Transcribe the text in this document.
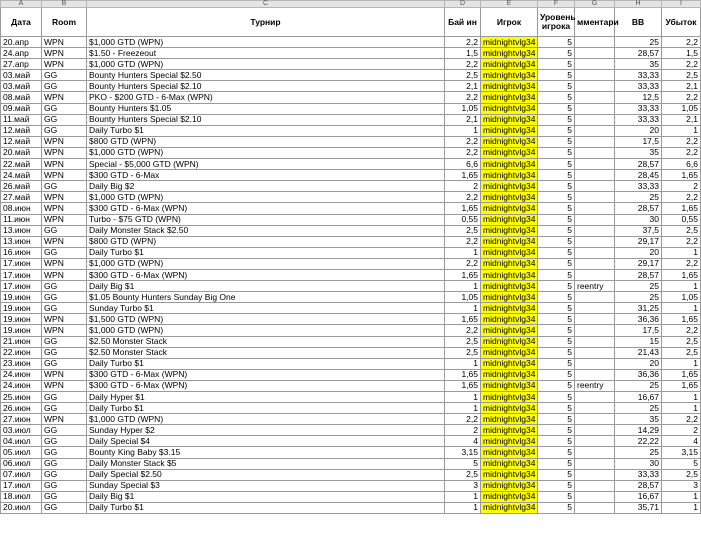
A	B	C	D	E	F	G	H	I
Дата	Room	Турнир	Бай ин	Игрок	Уровень игрока	мментари	BB	Убыток
20.апр	WPN	$1,000 GTD (WPN)	2,2	midnightvlg34	5		25	2,2
24.апр	WPN	$1.50 - Freezeout	1,5	midnightvlg34	5		28,57	1,5
27.апр	WPN	$1,000 GTD (WPN)	2,2	midnightvlg34	5		35	2,2
03.май	GG	Bounty Hunters Special $2.50	2,5	midnightvlg34	5		33,33	2,5
03.май	GG	Bounty Hunters Special $2.10	2,1	midnightvlg34	5		33,33	2,1
08.май	WPN	PKO - $200 GTD - 6-Max (WPN)	2,2	midnightvlg34	5		12,5	2,2
09.май	GG	Bounty Hunters $1.05	1,05	midnightvlg34	5		33,33	1,05
11.май	GG	Bounty Hunters Special $2.10	2,1	midnightvlg34	5		33,33	2,1
12.май	GG	Daily Turbo $1	1	midnightvlg34	5		20	1
12.май	WPN	$800 GTD (WPN)	2,2	midnightvlg34	5		17,5	2,2
20.май	WPN	$1,000 GTD (WPN)	2,2	midnightvlg34	5		35	2,2
22.май	WPN	Special - $5,000 GTD (WPN)	6,6	midnightvlg34	5		28,57	6,6
24.май	WPN	$300 GTD - 6-Max	1,65	midnightvlg34	5		28,45	1,65
26.май	GG	Daily Big $2	2	midnightvlg34	5		33,33	2
27.май	WPN	$1,000 GTD (WPN)	2,2	midnightvlg34	5		25	2,2
08.июн	WPN	$300 GTD - 6-Max (WPN)	1,65	midnightvlg34	5		28,57	1,65
11.июн	WPN	Turbo - $75 GTD (WPN)	0,55	midnightvlg34	5		30	0,55
13.июн	GG	Daily Monster Stack $2.50	2,5	midnightvlg34	5		37,5	2,5
13.июн	WPN	$800 GTD (WPN)	2,2	midnightvlg34	5		29,17	2,2
16.июн	GG	Daily Turbo $1	1	midnightvlg34	5		20	1
17.июн	WPN	$1,000 GTD (WPN)	2,2	midnightvlg34	5		29,17	2,2
17.июн	WPN	$300 GTD - 6-Max (WPN)	1,65	midnightvlg34	5		28,57	1,65
17.июн	GG	Daily Big $1	1	midnightvlg34	5	reentry	25	1
19.июн	GG	$1.05 Bounty Hunters Sunday Big One	1,05	midnightvlg34	5		25	1,05
19.июн	GG	Sunday Turbo $1	1	midnightvlg34	5		31,25	1
19.июн	WPN	$1,500 GTD (WPN)	1,65	midnightvlg34	5		36,36	1,65
19.июн	WPN	$1,000 GTD (WPN)	2,2	midnightvlg34	5		17,5	2,2
21.июн	GG	$2.50 Monster Stack	2,5	midnightvlg34	5		15	2,5
22.июн	GG	$2.50 Monster Stack	2,5	midnightvlg34	5		21,43	2,5
23.июн	GG	Daily Turbo $1	1	midnightvlg34	5		20	1
24.июн	WPN	$300 GTD - 6-Max (WPN)	1,65	midnightvlg34	5		36,36	1,65
24.июн	WPN	$300 GTD - 6-Max (WPN)	1,65	midnightvlg34	5	reentry	25	1,65
25.июн	GG	Daily Hyper $1	1	midnightvlg34	5		16,67	1
26.июн	GG	Daily Turbo $1	1	midnightvlg34	5		25	1
27.июн	WPN	$1,000 GTD (WPN)	2,2	midnightvlg34	5		35	2,2
03.июл	GG	Sunday Hyper $2	2	midnightvlg34	5		14,29	2
04.июл	GG	Daily Special $4	4	midnightvlg34	5		22,22	4
05.июл	GG	Bounty King Baby $3.15	3,15	midnightvlg34	5		25	3,15
06.июл	GG	Daily Monster Stack $5	5	midnightvlg34	5		30	5
07.июл	GG	Daily Special $2.50	2,5	midnightvlg34	5		33,33	2,5
17.июл	GG	Sunday Special $3	3	midnightvlg34	5		28,57	3
18.июл	GG	Daily Big $1	1	midnightvlg34	5		16,67	1
20.июл	GG	Daily Turbo $1	1	midnightvlg34	5		35,71	1
